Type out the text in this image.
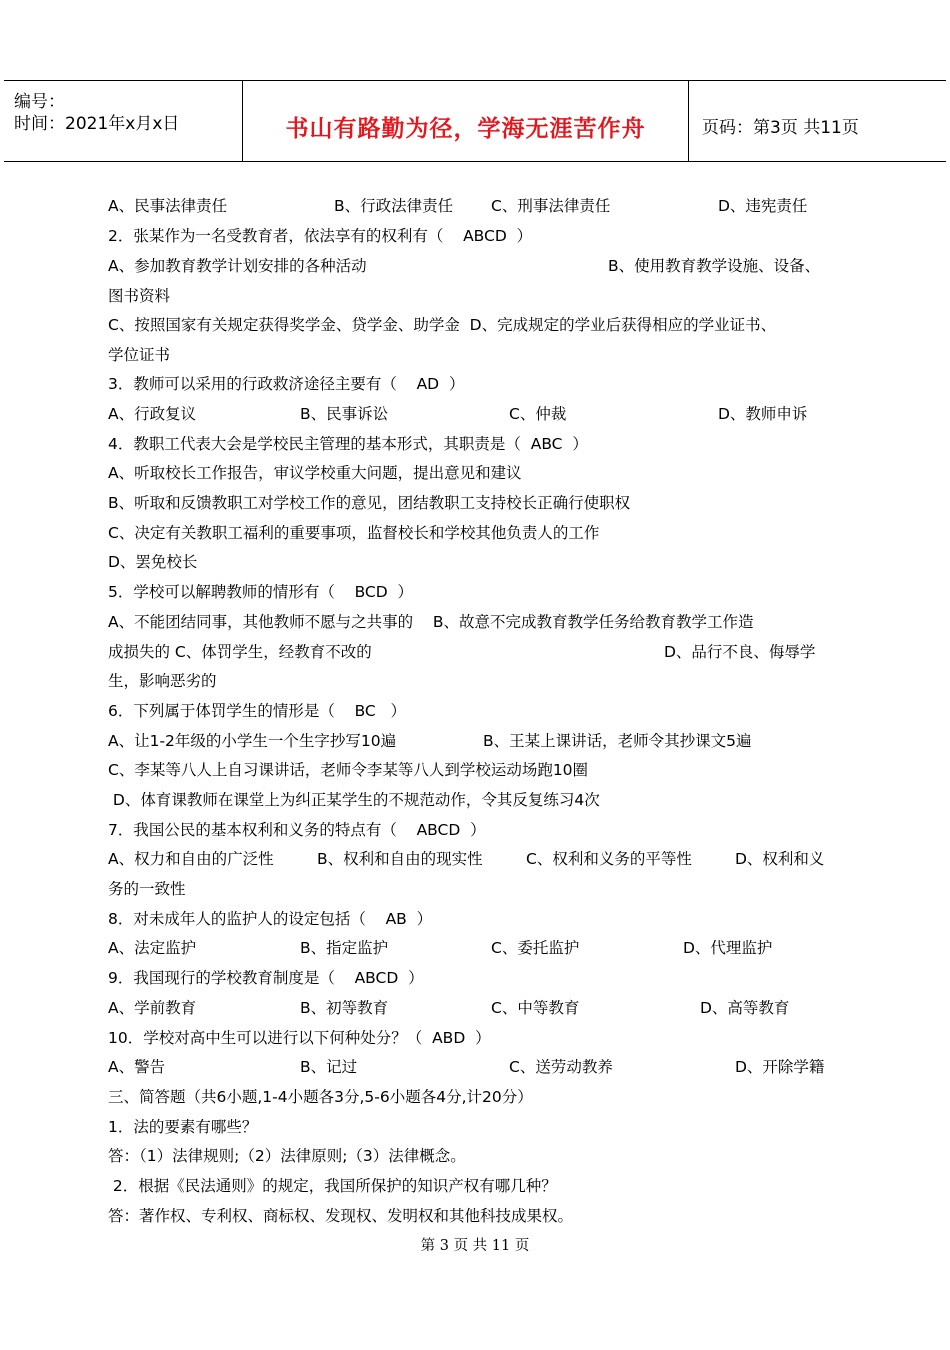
编号：
时间：2021年x月x日	书山有路勤为径，学海无涯苦作舟	页码：第3页 共11页

A、民事法律责任

	B、行政法律责任

C、刑事法律责任

	D、违宪责任

2．张某作为一名受教育者，依法享有的权利有（    ABCD  ）

A、参加教育教学计划安排的各种活动

	B、使用教育教学设施、设备、

图书资料
C、按照国家有关规定获得奖学金、贷学金、助学金  D、完成规定的学业后获得相应的学业证书、
学位证书
3．教师可以采用的行政救济途径主要有（    AD  ）

A、行政复议

	B、民事诉讼

	C、仲裁

	D、教师申诉

4．教职工代表大会是学校民主管理的基本形式，其职责是（  ABC  ）
A、听取校长工作报告，审议学校重大问题，提出意见和建议
B、听取和反馈教职工对学校工作的意见，团结教职工支持校长正确行使职权
C、决定有关教职工福利的重要事项，监督校长和学校其他负责人的工作
D、罢免校长
5．学校可以解聘教师的情形有（    BCD  ）
A、不能团结同事，其他教师不愿与之共事的    B、故意不完成教育教学任务给教育教学工作造

成损失的 C、体罚学生，经教育不改的

	D、品行不良、侮辱学

生，影响恶劣的
6．下列属于体罚学生的情形是（    BC   ）

A、让1-2年级的小学生一个生字抄写10遍

	B、王某上课讲话，老师令其抄课文5遍

C、李某等八人上自习课讲话，老师令李某等八人到学校运动场跑10圈
D、体育课教师在课堂上为纠正某学生的不规范动作，令其反复练习4次
7．我国公民的基本权利和义务的特点有（    ABCD  ）

A、权力和自由的广泛性

	B、权利和自由的现实性

	C、权利和义务的平等性

	D、权利和义

务的一致性
8．对未成年人的监护人的设定包括（    AB  ）

A、法定监护

	B、指定监护

	C、委托监护

	D、代理监护

9．我国现行的学校教育制度是（    ABCD  ）

A、学前教育

	B、初等教育

	C、中等教育

	D、高等教育

10．学校对高中生可以进行以下何种处分？（  ABD  ）

A、警告

	B、记过

	C、送劳动教养

	D、开除学籍

三、简答题（共6小题,1-4小题各3分,5-6小题各4分,计20分）
1．法的要素有哪些？
答：（1）法律规则;（2）法律原则;（3）法律概念。
2．根据《民法通则》的规定，我国所保护的知识产权有哪几种？
答：著作权、专利权、商标权、发现权、发明权和其他科技成果权。
第 3 页 共 11 页
